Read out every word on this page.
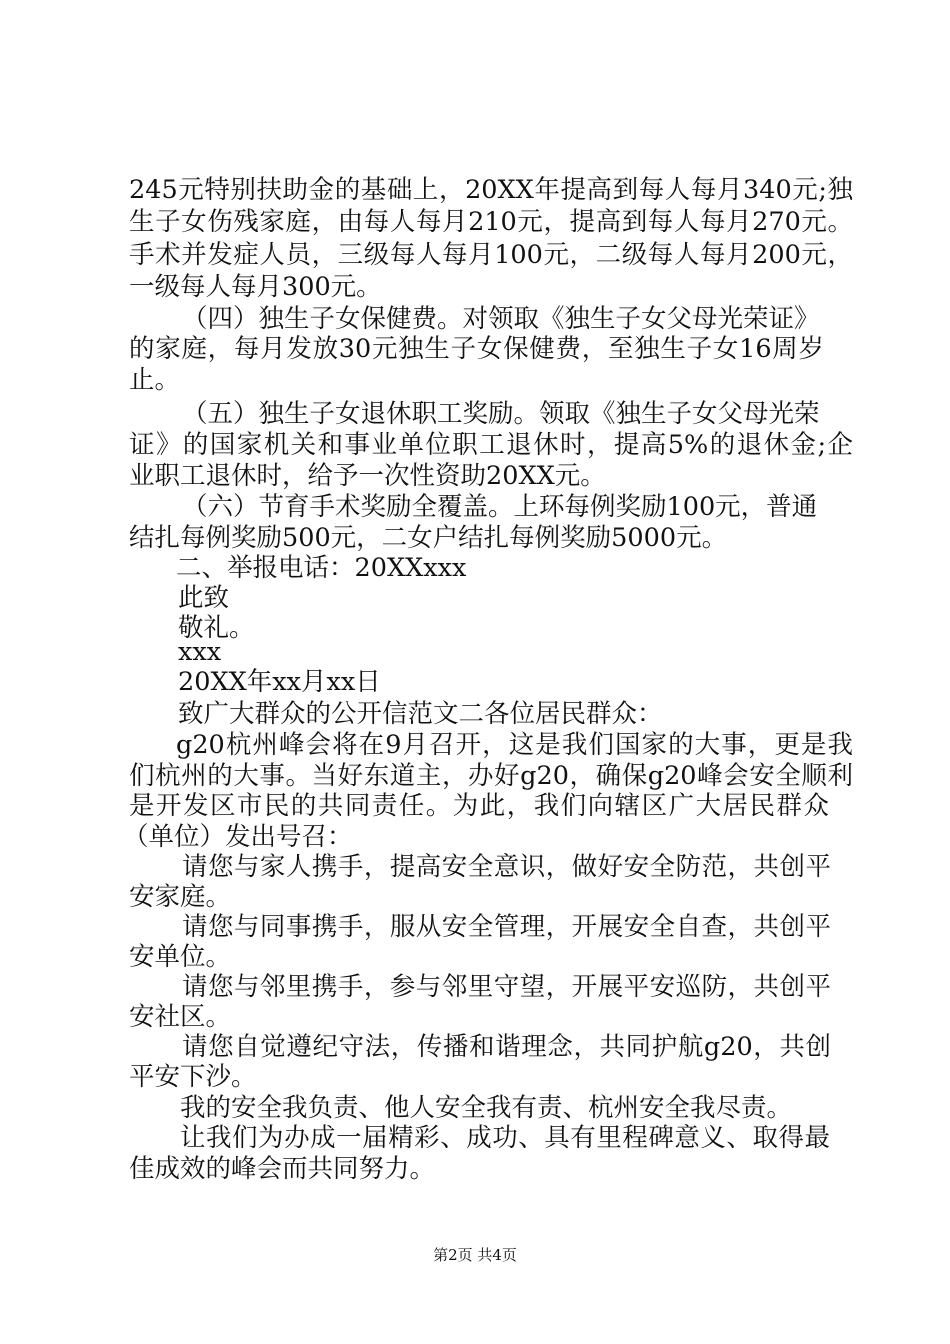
245元特别扶助金的基础上，20XX年提高到每人每月340元;独

生子女伤残家庭，由每人每月210元，提高到每人每月270元。

手术并发症人员，三级每人每月100元，二级每人每月200元，

一级每人每月300元。

（四）独生子女保健费。对领取《独生子女父母光荣证》

的家庭，每月发放30元独生子女保健费，至独生子女16周岁

止。

（五）独生子女退休职工奖励。领取《独生子女父母光荣

证》的国家机关和事业单位职工退休时，提高5%的退休金;企

业职工退休时，给予一次性资助20XX元。

（六）节育手术奖励全覆盖。上环每例奖励100元，普通

结扎每例奖励500元，二女户结扎每例奖励5000元。

二、举报电话：20XXxxx

此致

敬礼。

xxx

20XX年xx月xx日

致广大群众的公开信范文二各位居民群众：

g20杭州峰会将在9月召开，这是我们国家的大事，更是我

们杭州的大事。当好东道主，办好g20，确保g20峰会安全顺利

是开发区市民的共同责任。为此，我们向辖区广大居民群众

（单位）发出号召：

请您与家人携手，提高安全意识，做好安全防范，共创平

安家庭。

请您与同事携手，服从安全管理，开展安全自查，共创平

安单位。

请您与邻里携手，参与邻里守望，开展平安巡防，共创平

安社区。

请您自觉遵纪守法，传播和谐理念，共同护航g20，共创

平安下沙。

我的安全我负责、他人安全我有责、杭州安全我尽责。

让我们为办成一届精彩、成功、具有里程碑意义、取得最

佳成效的峰会而共同努力。

第2页 共4页
